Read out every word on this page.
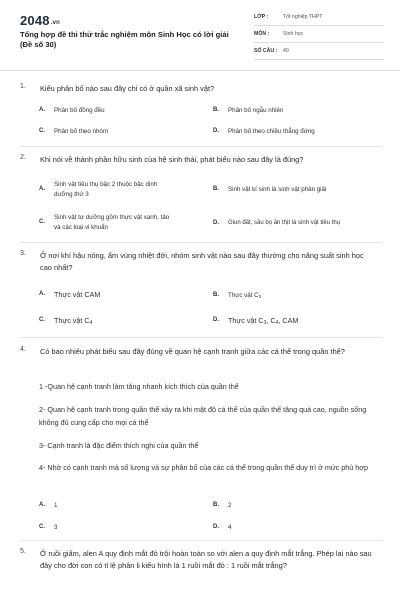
2048.vn
Tổng hợp đề thi thử trắc nghiệm môn Sinh Học có lời giải (Đề số 30)
LỚP :	Tốt nghiệp THPT
MÔN :	Sinh học
SỐ CÂU : 40
1. Kiểu phân bố nào sau đây chỉ có ở quần xã sinh vật?
A. Phân bố đồng đều	B. Phân bố ngẫu nhiên
C. Phân bố theo nhóm	D. Phân bố theo chiều thẳng đứng
2. Khi nói về thành phần hữu sinh của hệ sinh thái, phát biểu nào sau đây là đúng?
A.
Sinh vật tiêu thụ bậc 2 thuộc bậc dinh
dưỡng thứ 3
B. Sinh vật kí sinh là sinh vật phân giải
C.
Sinh vật tự dưỡng gồm thực vật xanh, tảo
và các loại vi khuẩn
D. Giun đất, sâu bọ ăn thịt là sinh vật tiêu thụ
3. Ở nơi khí hậu nóng, ẩm vùng nhiệt đới, nhóm sinh vật nào sau đây thường cho năng suất sinh học cao nhất?
A. Thực vật CAM	B. Thực vật $C_3$
C. Thực vật $C_4$	D. Thực vật $C_3$, $C_4$, CAM
4. Có bao nhiêu phát biểu sau đây đúng về quan hệ cạnh tranh giữa các cá thể trong quần thể?
1 -Quan hệ cạnh tranh làm tăng nhanh kích thích của quần thể
2- Quan hệ cạnh tranh trong quần thể xảy ra khi mật độ cá thể của quần thể tăng quá cao, nguồn sống không đủ cung cấp cho mọi cá thể
3- Cạnh tranh là đặc điểm thích nghi của quần thể
4- Nhờ có cạnh tranh mà số lượng và sự phân bố của các cá thể trong quần thể duy trì ở mức phù hợp
A. 1	B. 2
C. 3	D. 4
5. Ở ruồi giấm, alen A quy định mắt đỏ trội hoàn toàn so với alen a quy định mắt trắng. Phép lai nào sau đây cho đời con có tỉ lệ phân li kiểu hình là 1 ruồi mắt đỏ : 1 ruồi mắt trắng?
